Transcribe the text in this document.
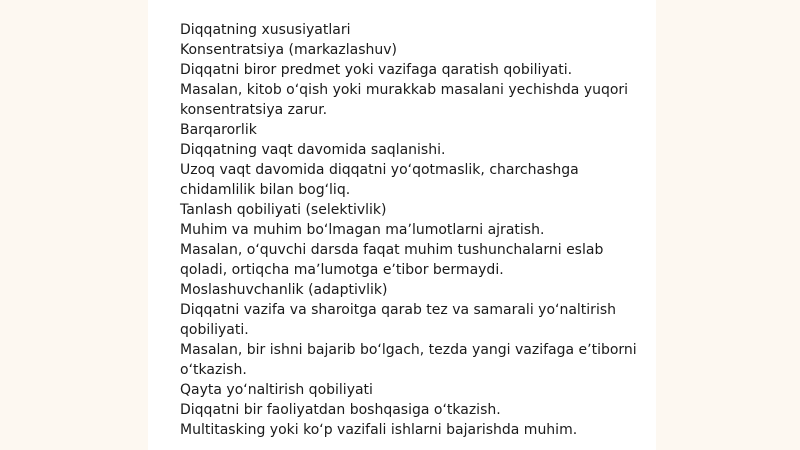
Diqqatning xususiyatlari
Konsentratsiya (markazlashuv)
Diqqatni biror predmet yoki vazifaga qaratish qobiliyati.
Masalan, kitob oʻqish yoki murakkab masalani yechishda yuqori
konsentratsiya zarur.
Barqarorlik
Diqqatning vaqt davomida saqlanishi.
Uzoq vaqt davomida diqqatni yoʻqotmaslik, charchashga
chidamlilik bilan bogʻliq.
Tanlash qobiliyati (selektivlik)
Muhim va muhim boʻlmagan maʼlumotlarni ajratish.
Masalan, oʻquvchi darsda faqat muhim tushunchalarni eslab
qoladi, ortiqcha maʼlumotga eʼtibor bermaydi.
Moslashuvchanlik (adaptivlik)
Diqqatni vazifa va sharoitga qarab tez va samarali yoʻnaltirish
qobiliyati.
Masalan, bir ishni bajarib boʻlgach, tezda yangi vazifaga eʼtiborni
oʻtkazish.
Qayta yoʻnaltirish qobiliyati
Diqqatni bir faoliyatdan boshqasiga oʻtkazish.
Multitasking yoki koʻp vazifali ishlarni bajarishda muhim.
